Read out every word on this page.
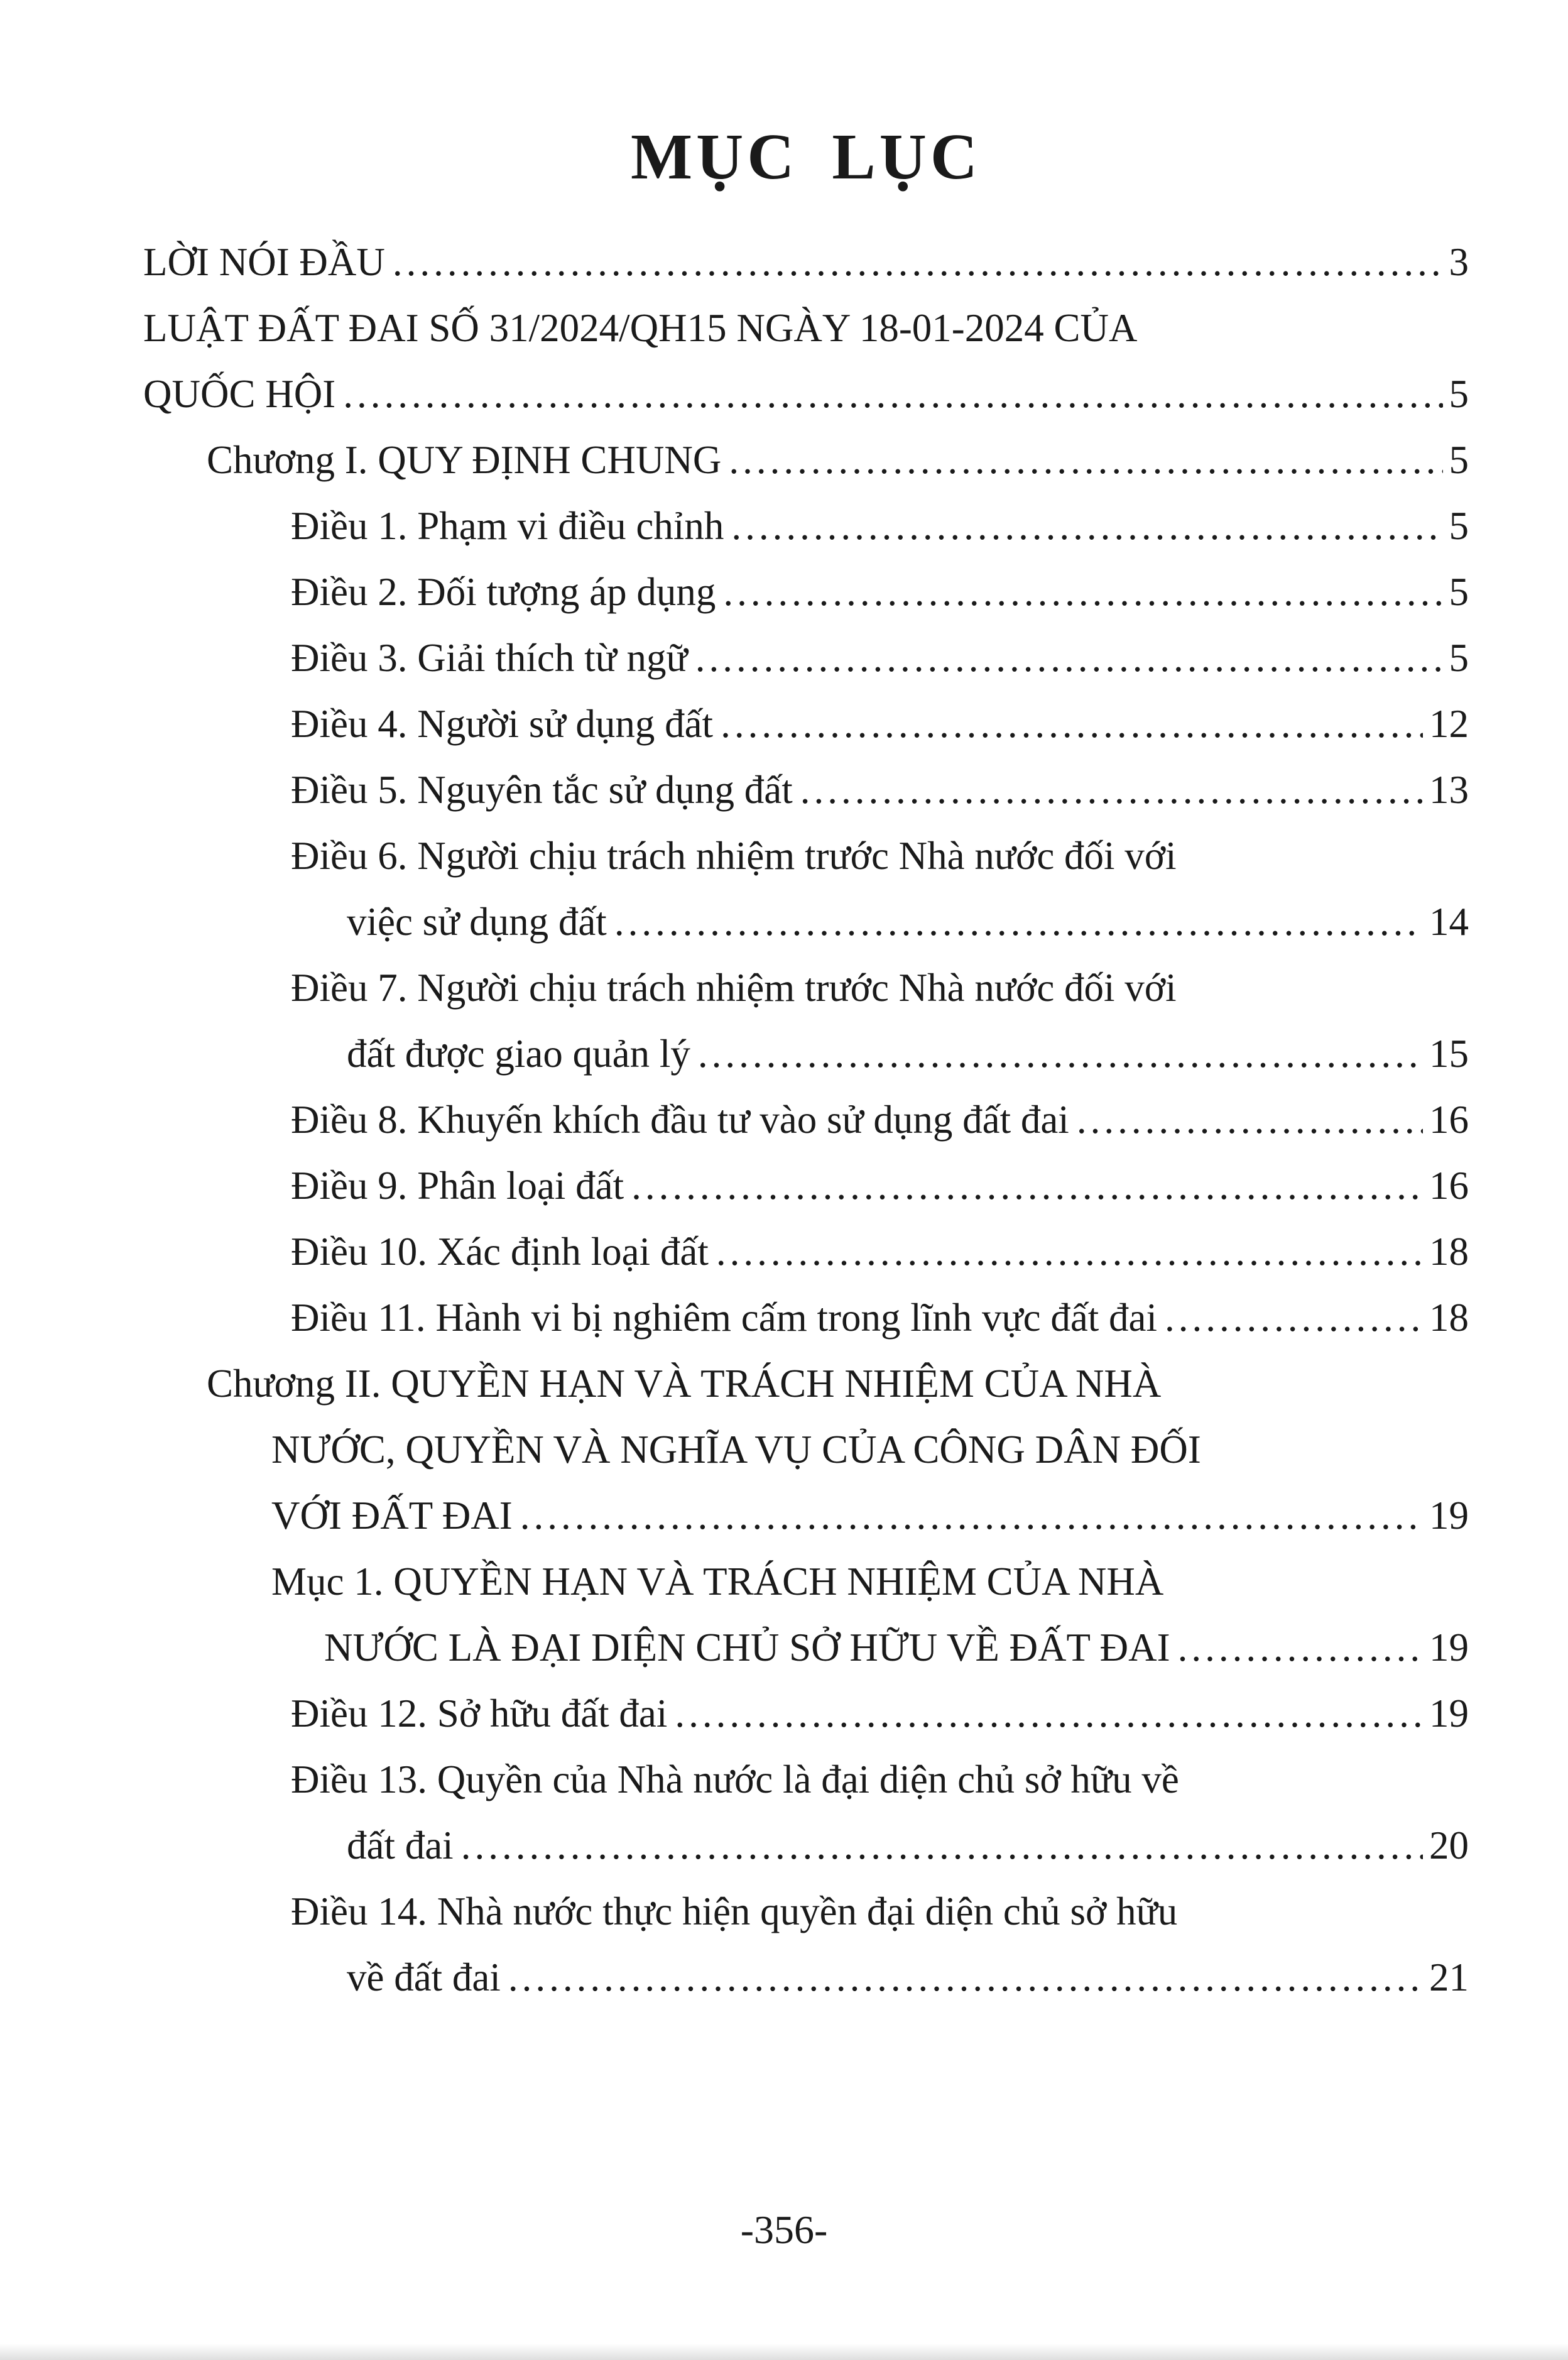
MỤC LỤC
LỜI NÓI ĐẦU .....	3
LUẬT ĐẤT ĐAI SỐ 31/2024/QH15 NGÀY 18-01-2024 CỦA
QUỐC HỘI .....	5
Chương I. QUY ĐỊNH CHUNG .....	5
Điều 1. Phạm vi điều chỉnh .....	5
Điều 2. Đối tượng áp dụng .....	5
Điều 3. Giải thích từ ngữ .....	5
Điều 4. Người sử dụng đất .....	12
Điều 5. Nguyên tắc sử dụng đất .....	13
Điều 6. Người chịu trách nhiệm trước Nhà nước đối với
việc sử dụng đất .....	14
Điều 7. Người chịu trách nhiệm trước Nhà nước đối với
đất được giao quản lý .....	15
Điều 8. Khuyến khích đầu tư vào sử dụng đất đai .....	16
Điều 9. Phân loại đất .....	16
Điều 10. Xác định loại đất .....	18
Điều 11. Hành vi bị nghiêm cấm trong lĩnh vực đất đai .....	18
Chương II. QUYỀN HẠN VÀ TRÁCH NHIỆM CỦA NHÀ
NƯỚC, QUYỀN VÀ NGHĨA VỤ CỦA CÔNG DÂN ĐỐI
VỚI ĐẤT ĐAI .....	19
Mục 1. QUYỀN HẠN VÀ TRÁCH NHIỆM CỦA NHÀ
NƯỚC LÀ ĐẠI DIỆN CHỦ SỞ HỮU VỀ ĐẤT ĐAI .....	19
Điều 12. Sở hữu đất đai .....	19
Điều 13. Quyền của Nhà nước là đại diện chủ sở hữu về
đất đai .....	20
Điều 14. Nhà nước thực hiện quyền đại diện chủ sở hữu
về đất đai .....	21
-356-
